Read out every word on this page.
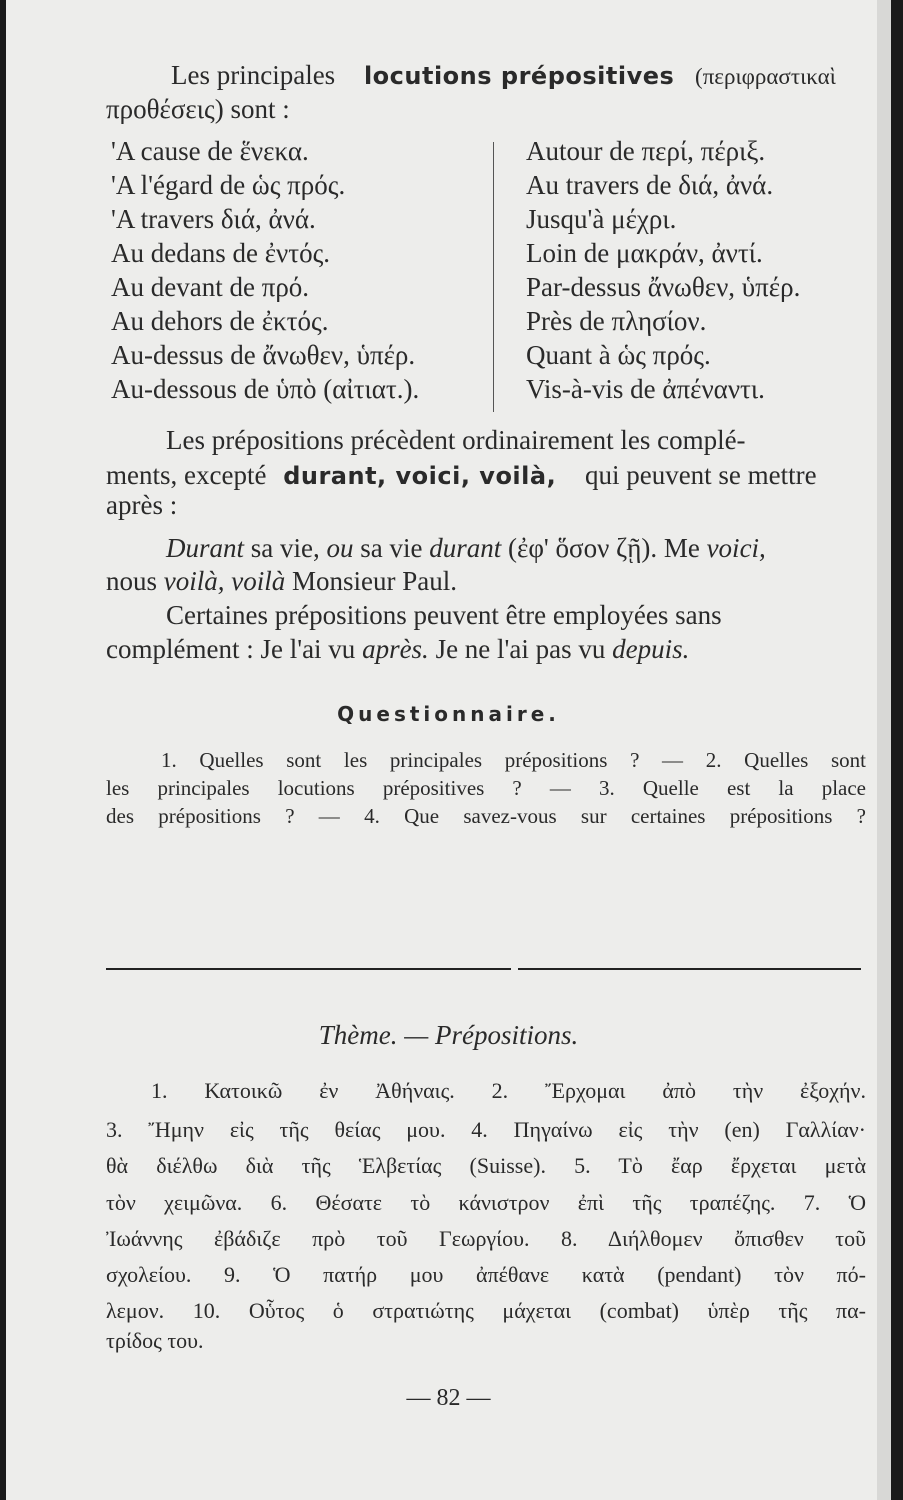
Les principales locutions prépositives (περιφραστικαὶ
προθέσεις) sont :
'A cause de ἕνεκα.
'A l'égard de ὡς πρός.
'A travers διά, ἀνά.
Au dedans de ἐντός.
Au devant de πρό.
Au dehors de ἐκτός.
Au-dessus de ἄνωθεν, ὑπέρ.
Au-dessous de ὑπὸ (αἰτιατ.).
Autour de περί, πέριξ.
Au travers de διά, ἀνά.
Jusqu'à μέχρι.
Loin de μακράν, ἀντί.
Par-dessus ἄνωθεν, ὑπέρ.
Près de πλησίον.
Quant à ὡς πρός.
Vis-à-vis de ἀπέναντι.
Les prépositions précèdent ordinairement les complé-
ments, excepté durant, voici, voilà, qui peuvent se mettre
après :
Durant sa vie, ou sa vie durant (ἐφ' ὅσον ζῇ). Me voici,
nous voilà, voilà Monsieur Paul.
Certaines prépositions peuvent être employées sans
complément : Je l'ai vu après. Je ne l'ai pas vu depuis.
Questionnaire.
1. Quelles sont les principales prépositions ? — 2. Quelles sont
les principales locutions prépositives ? — 3. Quelle est la place
des prépositions ? — 4. Que savez-vous sur certaines prépositions ?
Thème. — Prépositions.
1. Κατοικῶ ἐν Ἀθήναις. 2. Ἔρχομαι ἀπὸ τὴν ἐξοχήν.
3. Ἤμην εἰς τῆς θείας μου. 4. Πηγαίνω εἰς τὴν (en) Γαλλίαν·
θὰ διέλθω διὰ τῆς Ἑλβετίας (Suisse). 5. Τὸ ἔαρ ἔρχεται μετὰ
τὸν χειμῶνα. 6. Θέσατε τὸ κάνιστρον ἐπὶ τῆς τραπέζης. 7. Ὁ
Ἰωάννης ἐβάδιζε πρὸ τοῦ Γεωργίου. 8. Διήλθομεν ὄπισθεν τοῦ
σχολείου. 9. Ὁ πατήρ μου ἀπέθανε κατὰ (pendant) τὸν πό-
λεμον. 10. Οὗτος ὁ στρατιώτης μάχεται (combat) ὑπὲρ τῆς πα-
τρίδος του.
— 82 —
